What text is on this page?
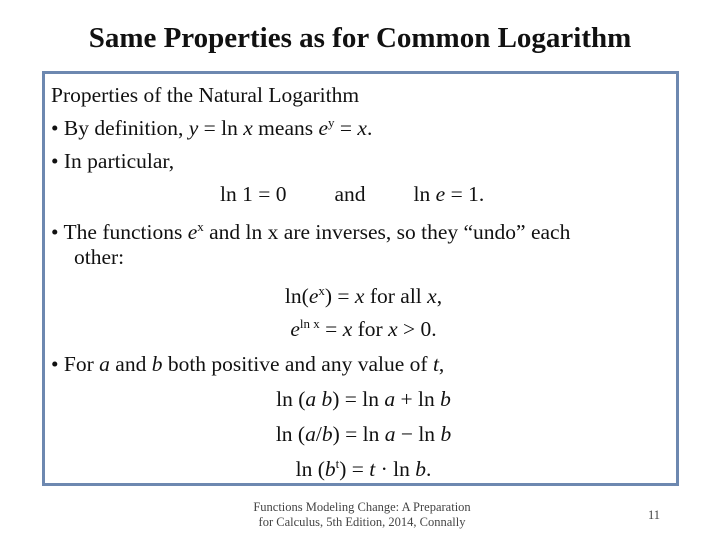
Same Properties as for Common Logarithm
Properties of the Natural Logarithm
• By definition, y = ln x means $e^y = x$.
• In particular,
ln 1 = 0 and ln e = 1.
• The functions $e^x$ and ln x are inverses, so they “undo” each
other:
$\ln(e^x) = x$ for all x,
$e^{ln x} = x$ for x > 0.
• For a and b both positive and any value of t,
ln (a b) = ln a + ln b
ln (a/b) = ln a − ln b
$\ln (b^t) = t \cdot \ln b$.
Functions Modeling Change: A Preparation
for Calculus, 5th Edition, 2014, Connally	11
